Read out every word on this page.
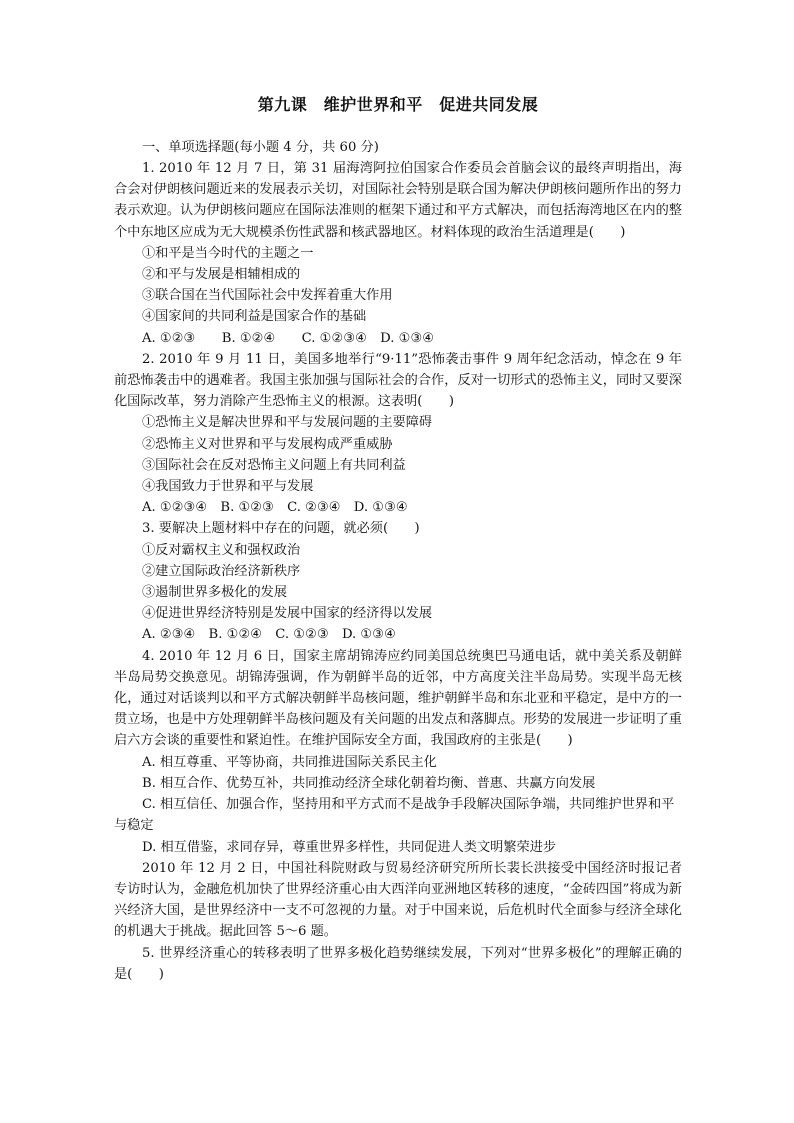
第九课　维护世界和平　促进共同发展

一、单项选择题(每小题 4 分，共 60 分)

1. 2010 年 12 月 7 日，第 31 届海湾阿拉伯国家合作委员会首脑会议的最终声明指出，海合会对伊朗核问题近来的发展表示关切，对国际社会特别是联合国为解决伊朗核问题所作出的努力表示欢迎。认为伊朗核问题应在国际法准则的框架下通过和平方式解决，而包括海湾地区在内的整个中东地区应成为无大规模杀伤性武器和核武器地区。材料体现的政治生活道理是(　　)

①和平是当今时代的主题之一

②和平与发展是相辅相成的

③联合国在当代国际社会中发挥着重大作用

④国家间的共同利益是国家合作的基础

A. ①②③　　B. ①②④　　C. ①②③④　D. ①③④

2. 2010 年 9 月 11 日，美国多地举行“9·11”恐怖袭击事件 9 周年纪念活动，悼念在 9 年前恐怖袭击中的遇难者。我国主张加强与国际社会的合作，反对一切形式的恐怖主义，同时又要深化国际改革，努力消除产生恐怖主义的根源。这表明(　　)

①恐怖主义是解决世界和平与发展问题的主要障碍

②恐怖主义对世界和平与发展构成严重威胁

③国际社会在反对恐怖主义问题上有共同利益

④我国致力于世界和平与发展

A. ①②③④　B. ①②③　C. ②③④　D. ①③④

3. 要解决上题材料中存在的问题，就必须(　　)

①反对霸权主义和强权政治

②建立国际政治经济新秩序

③遏制世界多极化的发展

④促进世界经济特别是发展中国家的经济得以发展

A. ②③④　B. ①②④　C. ①②③　D. ①③④

4. 2010 年 12 月 6 日，国家主席胡锦涛应约同美国总统奥巴马通电话，就中美关系及朝鲜半岛局势交换意见。胡锦涛强调，作为朝鲜半岛的近邻，中方高度关注半岛局势。实现半岛无核化，通过对话谈判以和平方式解决朝鲜半岛核问题，维护朝鲜半岛和东北亚和平稳定，是中方的一贯立场，也是中方处理朝鲜半岛核问题及有关问题的出发点和落脚点。形势的发展进一步证明了重启六方会谈的重要性和紧迫性。在维护国际安全方面，我国政府的主张是(　　)

A. 相互尊重、平等协商，共同推进国际关系民主化

B. 相互合作、优势互补，共同推动经济全球化朝着均衡、普惠、共赢方向发展

C. 相互信任、加强合作，坚持用和平方式而不是战争手段解决国际争端，共同维护世界和平与稳定

D. 相互借鉴，求同存异，尊重世界多样性，共同促进人类文明繁荣进步

2010 年 12 月 2 日，中国社科院财政与贸易经济研究所所长裴长洪接受中国经济时报记者专访时认为，金融危机加快了世界经济重心由大西洋向亚洲地区转移的速度，“金砖四国”将成为新兴经济大国，是世界经济中一支不可忽视的力量。对于中国来说，后危机时代全面参与经济全球化的机遇大于挑战。据此回答 5～6 题。

5. 世界经济重心的转移表明了世界多极化趋势继续发展，下列对“世界多极化”的理解正确的是(　　)
